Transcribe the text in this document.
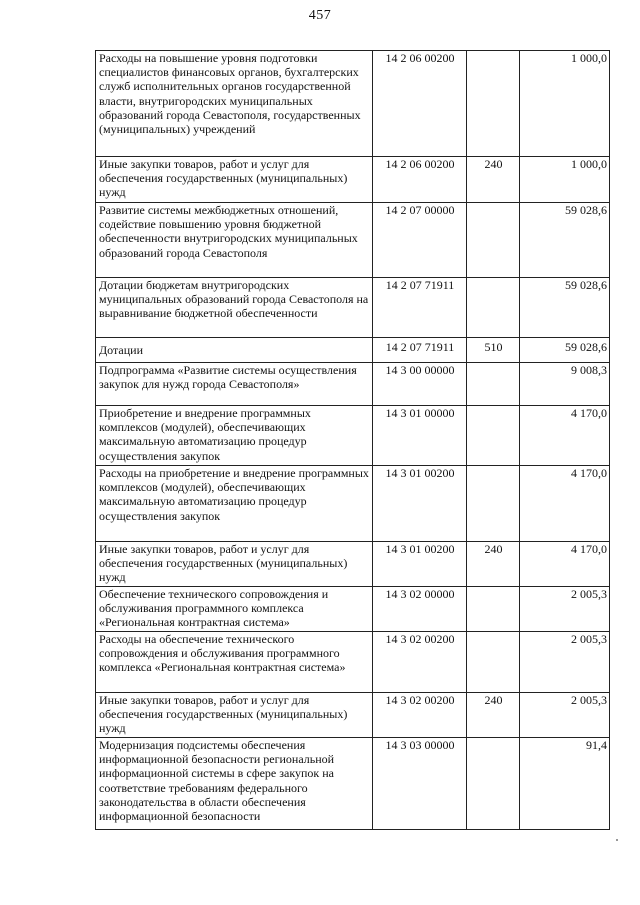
457
Расходы на повышение уровня подготовки специалистов финансовых органов, бухгалтерских служб исполнительных органов государственной власти, внутригородских муниципальных образований города Севастополя, государственных (муниципальных) учреждений	14 2 06 00200		1 000,0
Иные закупки товаров, работ и услуг для обеспечения государственных (муниципальных) нужд	14 2 06 00200	240	1 000,0
Развитие системы межбюджетных отношений, содействие повышению уровня бюджетной обеспеченности внутригородских муниципальных образований города Севастополя	14 2 07 00000		59 028,6
Дотации бюджетам внутригородских муниципальных образований города Севастополя на выравнивание бюджетной обеспеченности	14 2 07 71911		59 028,6
Дотации	14 2 07 71911	510	59 028,6
Подпрограмма «Развитие системы осуществления закупок для нужд города Севастополя»	14 3 00 00000		9 008,3
Приобретение и внедрение программных комплексов (модулей), обеспечивающих максимальную автоматизацию процедур осуществления закупок	14 3 01 00000		4 170,0
Расходы на приобретение и внедрение программных комплексов (модулей), обеспечивающих максимальную автоматизацию процедур осуществления закупок	14 3 01 00200		4 170,0
Иные закупки товаров, работ и услуг для обеспечения государственных (муниципальных) нужд	14 3 01 00200	240	4 170,0
Обеспечение технического сопровождения и обслуживания программного комплекса «Региональная контрактная система»	14 3 02 00000		2 005,3
Расходы на обеспечение технического сопровождения и обслуживания программного комплекса «Региональная контрактная система»	14 3 02 00200		2 005,3
Иные закупки товаров, работ и услуг для обеспечения государственных (муниципальных) нужд	14 3 02 00200	240	2 005,3
Модернизация подсистемы обеспечения информационной безопасности региональной информационной системы в сфере закупок на соответствие требованиям федерального законодательства в области обеспечения информационной безопасности	14 3 03 00000		91,4
